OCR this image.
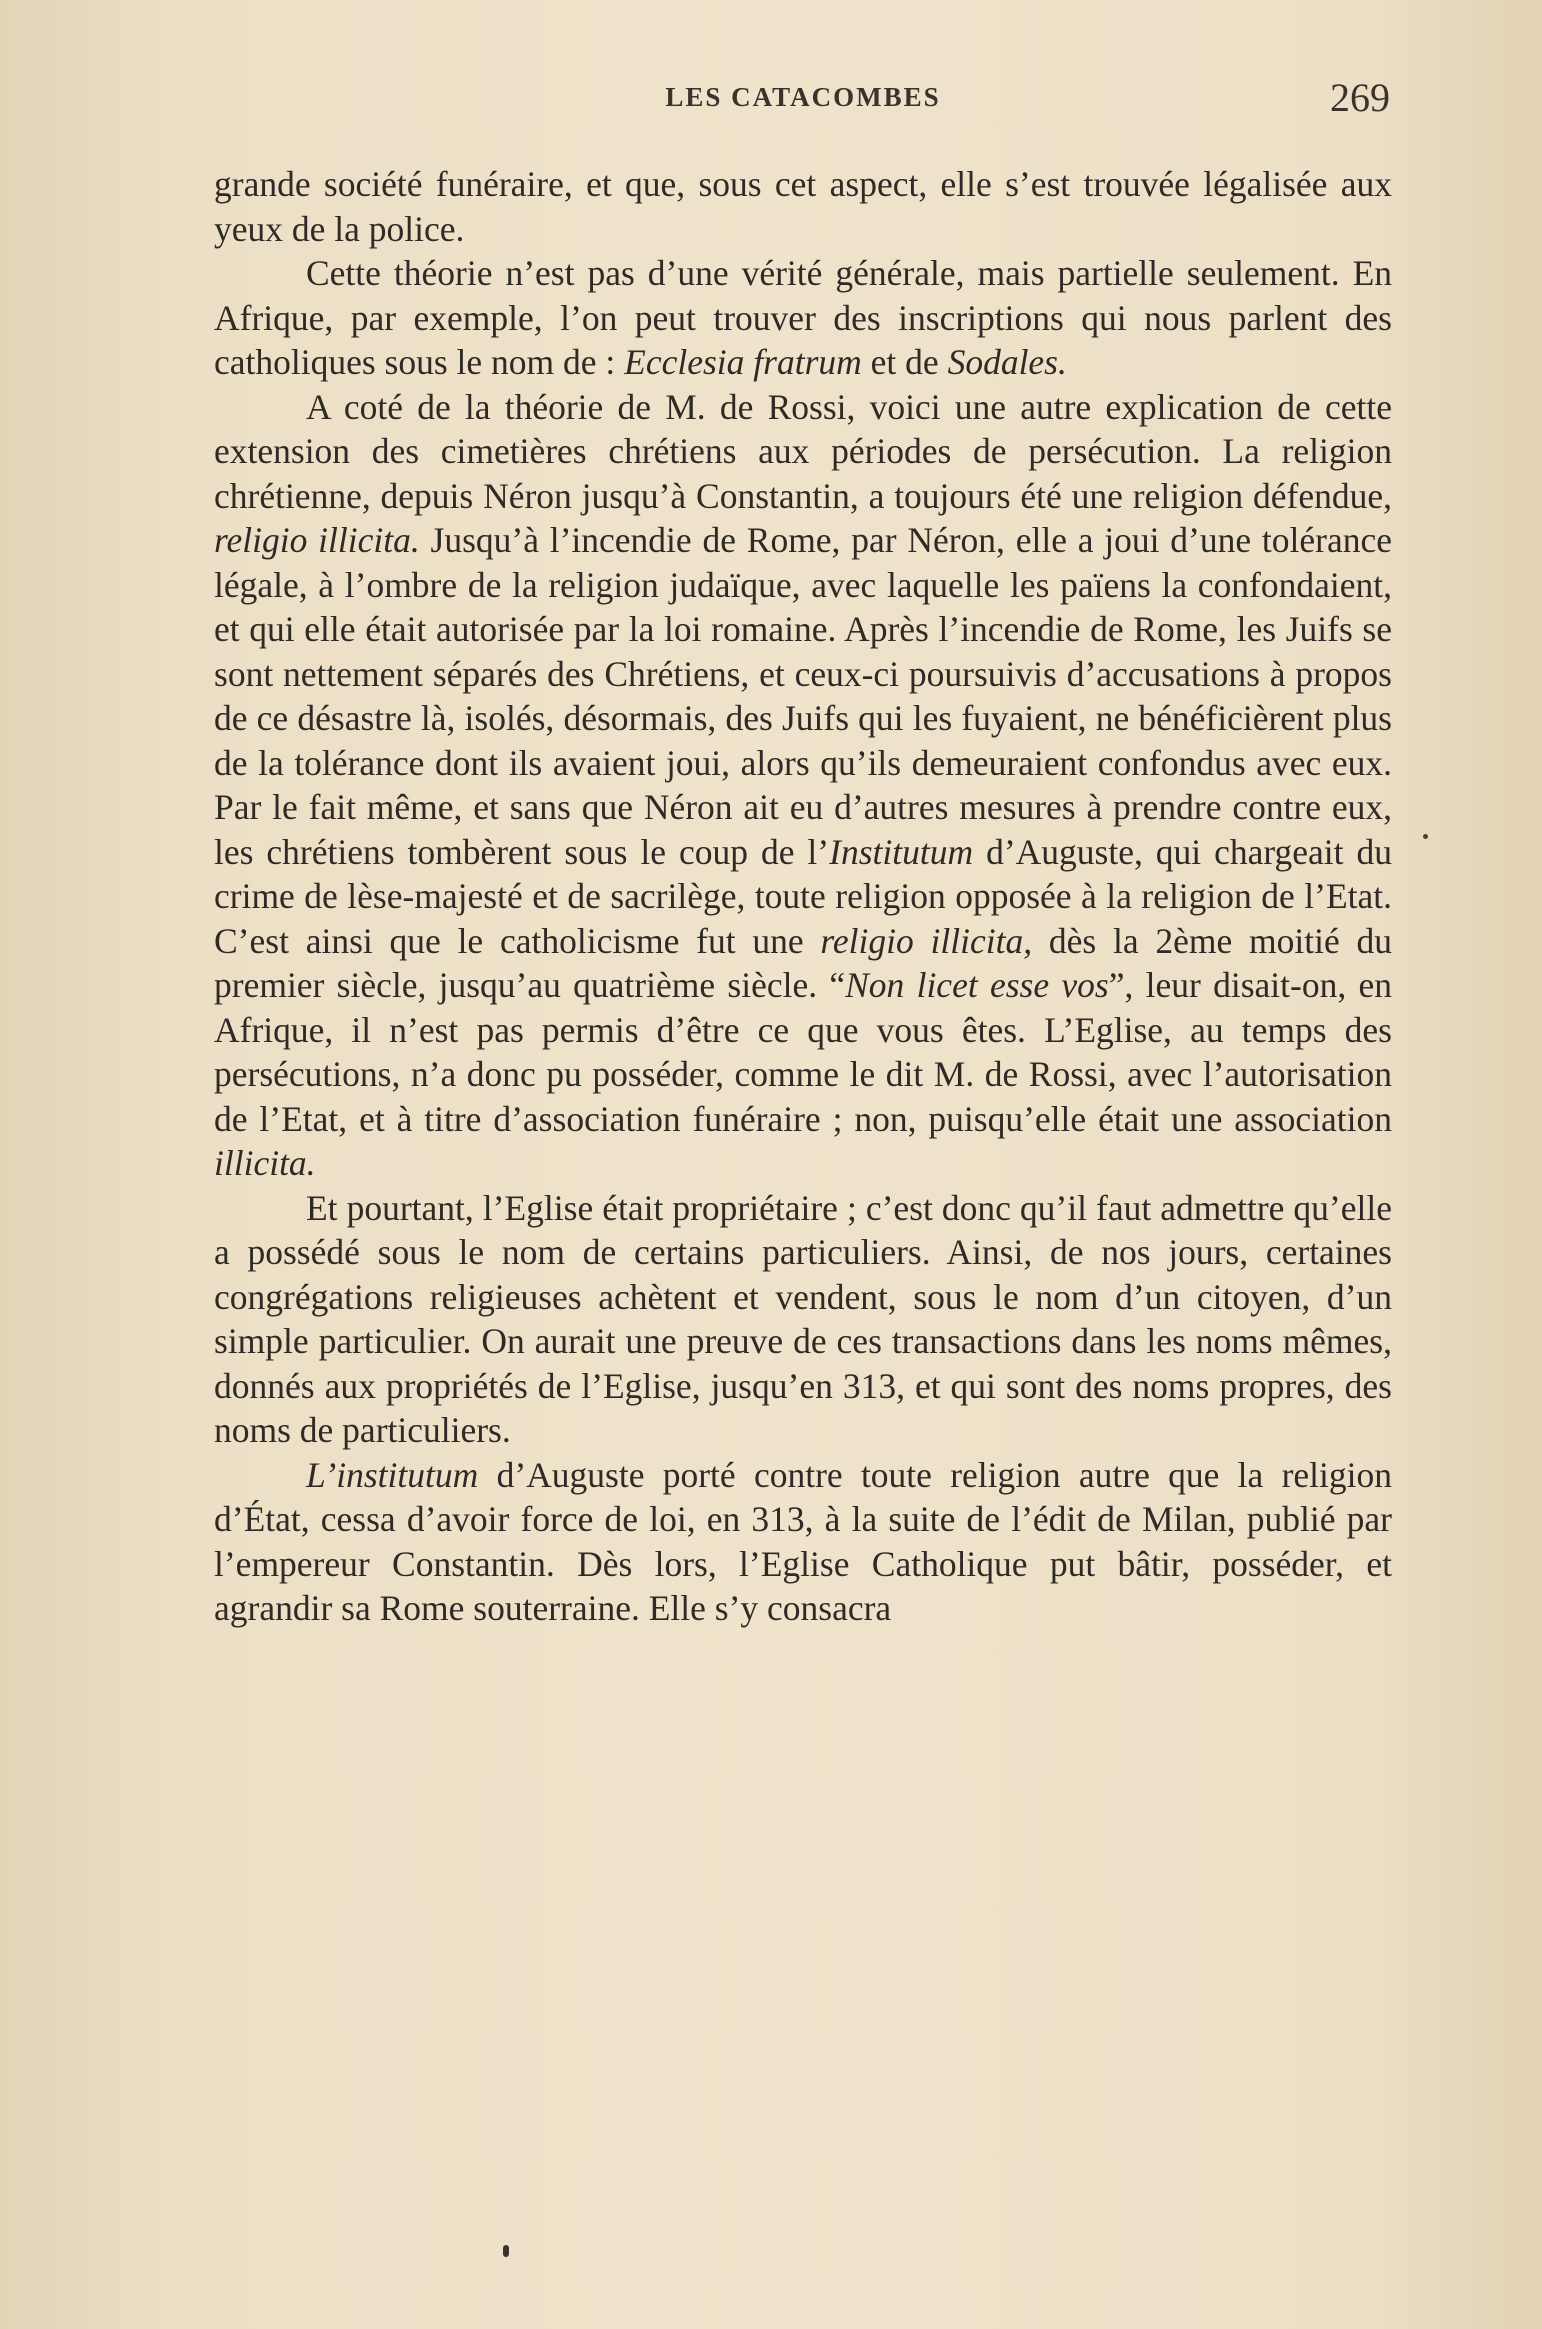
LES CATACOMBES	269

grande société funéraire, et que, sous cet aspect, elle s’est trouvée légalisée aux yeux de la police.

Cette théorie n’est pas d’une vérité générale, mais partielle seulement. En Afrique, par exemple, l’on peut trouver des inscriptions qui nous parlent des catholiques sous le nom de : Ecclesia fratrum et de Sodales.

A coté de la théorie de M. de Rossi, voici une autre explication de cette extension des cimetières chrétiens aux périodes de persécution. La religion chrétienne, depuis Néron jusqu’à Constantin, a toujours été une religion défendue, religio illicita. Jusqu’à l’incendie de Rome, par Néron, elle a joui d’une tolérance légale, à l’ombre de la religion judaïque, avec laquelle les païens la confondaient, et qui elle était autorisée par la loi romaine. Après l’incendie de Rome, les Juifs se sont nettement séparés des Chrétiens, et ceux-ci poursuivis d’accusations à propos de ce désastre là, isolés, désormais, des Juifs qui les fuyaient, ne bénéficièrent plus de la tolérance dont ils avaient joui, alors qu’ils demeuraient confondus avec eux. Par le fait même, et sans que Néron ait eu d’autres mesures à prendre contre eux, les chrétiens tombèrent sous le coup de l’Institutum d’Auguste, qui chargeait du crime de lèse-majesté et de sacrilège, toute religion opposée à la religion de l’Etat. C’est ainsi que le catholicisme fut une religio illicita, dès la 2ème moitié du premier siècle, jusqu’au quatrième siècle. “Non licet esse vos”, leur disait-on, en Afrique, il n’est pas permis d’être ce que vous êtes. L’Eglise, au temps des persécutions, n’a donc pu posséder, comme le dit M. de Rossi, avec l’autorisation de l’Etat, et à titre d’association funéraire ; non, puisqu’elle était une association illicita.

Et pourtant, l’Eglise était propriétaire ; c’est donc qu’il faut admettre qu’elle a possédé sous le nom de certains particuliers. Ainsi, de nos jours, certaines congrégations religieuses achètent et vendent, sous le nom d’un citoyen, d’un simple particulier. On aurait une preuve de ces transactions dans les noms mêmes, donnés aux propriétés de l’Eglise, jusqu’en 313, et qui sont des noms propres, des noms de particuliers.

L’institutum d’Auguste porté contre toute religion autre que la religion d’État, cessa d’avoir force de loi, en 313, à la suite de l’édit de Milan, publié par l’empereur Constantin. Dès lors, l’Eglise Catholique put bâtir, posséder, et agrandir sa Rome souterraine. Elle s’y consacra
